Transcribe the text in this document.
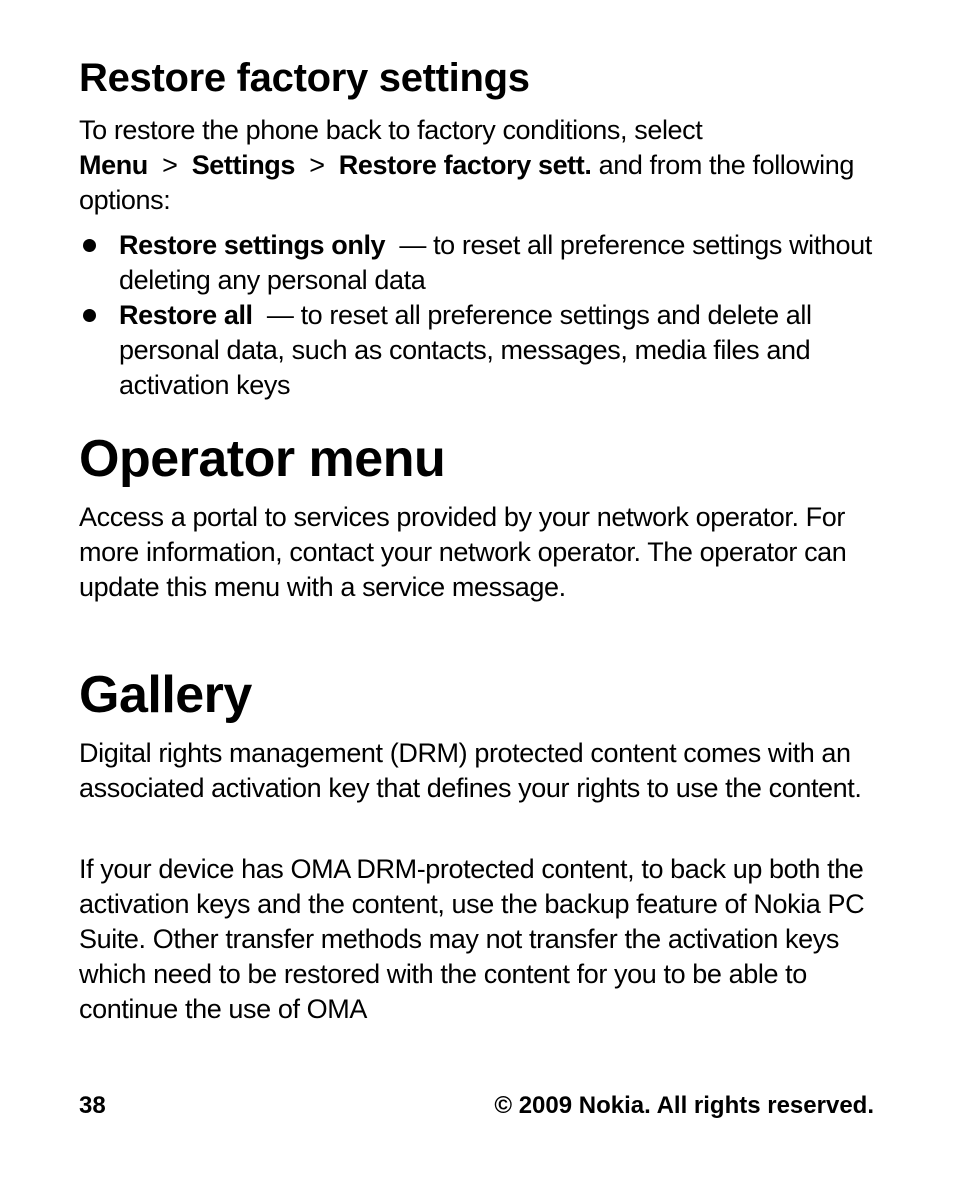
Restore factory settings

To restore the phone back to factory conditions, select
Menu > Settings > Restore factory sett. and from the following options:

Restore settings only — to reset all preference settings without deleting any personal data
Restore all — to reset all preference settings and delete all personal data, such as contacts, messages, media files and activation keys
Operator menu

Access a portal to services provided by your network operator. For more information, contact your network operator. The operator can update this menu with a service message.

Gallery

Digital rights management (DRM) protected content comes with an associated activation key that defines your rights to use the content.

If your device has OMA DRM-protected content, to back up both the activation keys and the content, use the backup feature of Nokia PC Suite. Other transfer methods may not transfer the activation keys which need to be restored with the content for you to be able to continue the use of OMA

38	© 2009 Nokia. All rights reserved.
